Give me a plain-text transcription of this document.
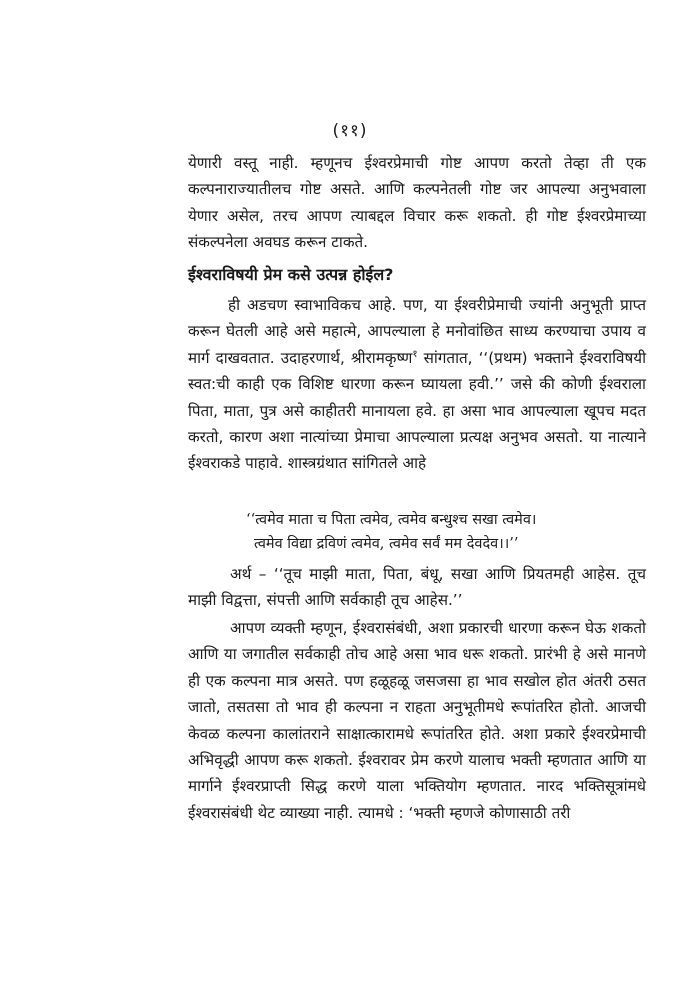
(११)

येणारी वस्तू नाही. म्हणूनच ईश्वरप्रेमाची गोष्ट आपण करतो तेव्हा ती एक कल्पनाराज्यातीलच गोष्ट असते. आणि कल्पनेतली गोष्ट जर आपल्या अनुभवाला येणार असेल, तरच आपण त्याबद्दल विचार करू शकतो. ही गोष्ट ईश्वरप्रेमाच्या संकल्पनेला अवघड करून टाकते.

ईश्वराविषयी प्रेम कसे उत्पन्न होईल?

ही अडचण स्वाभाविकच आहे. पण, या ईश्वरीप्रेमाची ज्यांनी अनुभूती प्राप्त करून घेतली आहे असे महात्मे, आपल्याला हे मनोवांछित साध्य करण्याचा उपाय व मार्ग दाखवतात. उदाहरणार्थ, श्रीरामकृष्ण$^१$ सांगतात, ‘‘(प्रथम) भक्ताने ईश्वराविषयी स्वत:ची काही एक विशिष्ट धारणा करून घ्यायला हवी.’’ जसे की कोणी ईश्वराला पिता, माता, पुत्र असे काहीतरी मानायला हवे. हा असा भाव आपल्याला खूपच मदत करतो, कारण अशा नात्यांच्या प्रेमाचा आपल्याला प्रत्यक्ष अनुभव असतो. या नात्याने ईश्वराकडे पाहावे. शास्त्रग्रंथात सांगितले आहे

‘‘त्वमेव माता च पिता त्वमेव, त्वमेव बन्धुश्च सखा त्वमेव।
त्वमेव विद्या द्रविणं त्वमेव, त्वमेव सर्वं मम देवदेव।।’’

अर्थ – ‘‘तूच माझी माता, पिता, बंधू, सखा आणि प्रियतमही आहेस. तूच माझी विद्वत्ता, संपत्ती आणि सर्वकाही तूच आहेस.’’

आपण व्यक्ती म्हणून, ईश्वरासंबंधी, अशा प्रकारची धारणा करून घेऊ शकतो आणि या जगातील सर्वकाही तोच आहे असा भाव धरू शकतो. प्रारंभी हे असे मानणे ही एक कल्पना मात्र असते. पण हळूहळू जसजसा हा भाव सखोल होत अंतरी ठसत जातो, तसतसा तो भाव ही कल्पना न राहता अनुभूतीमधे रूपांतरित होतो. आजची केवळ कल्पना कालांतराने साक्षात्कारामधे रूपांतरित होते. अशा प्रकारे ईश्वरप्रेमाची अभिवृद्धी आपण करू शकतो. ईश्वरावर प्रेम करणे यालाच भक्ती म्हणतात आणि या मार्गाने ईश्वरप्राप्ती सिद्ध करणे याला भक्तियोग म्हणतात. नारद भक्तिसूत्रांमधे ईश्वरासंबंधी थेट व्याख्या नाही. त्यामधे : ‘भक्ती म्हणजे कोणासाठी तरी
